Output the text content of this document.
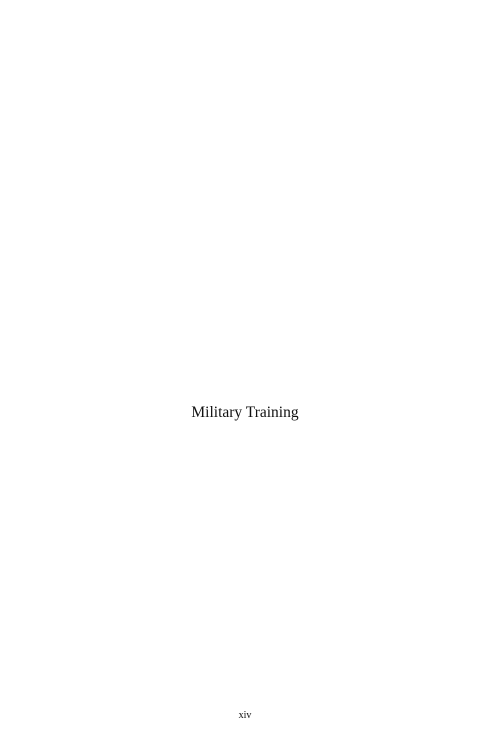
Military Training
xiv
